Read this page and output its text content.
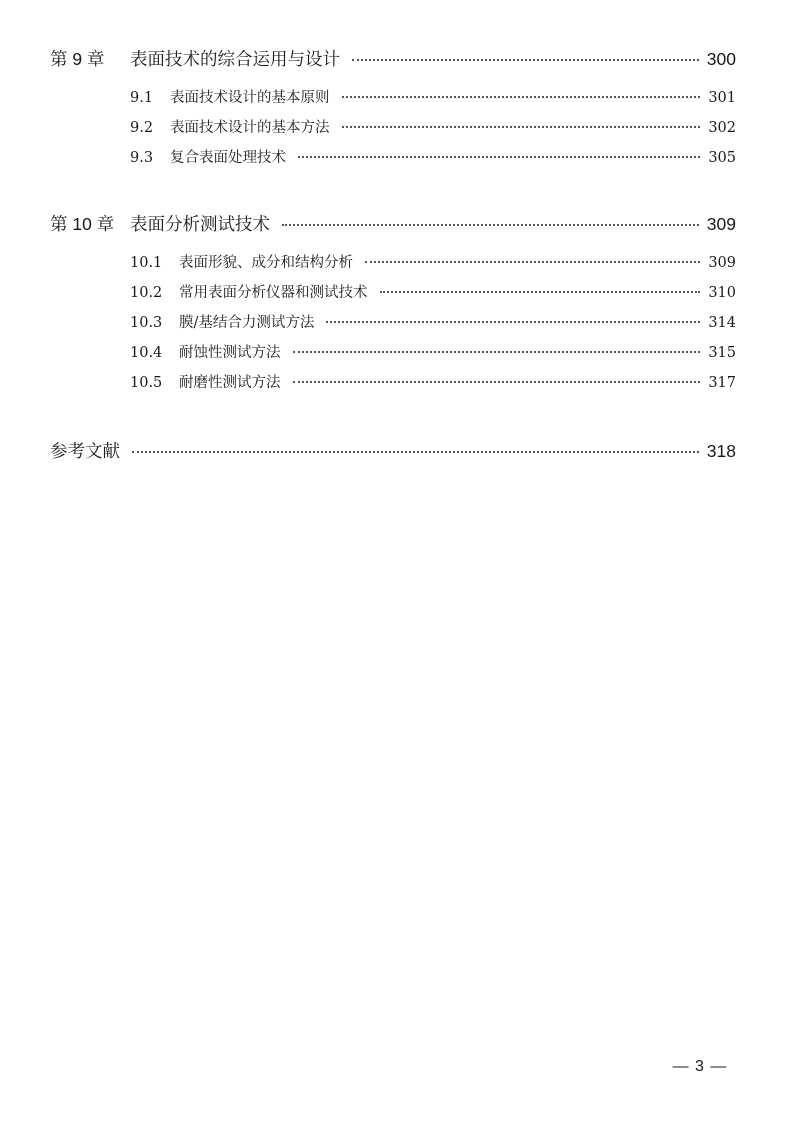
第 9 章	表面技术的综合运用与设计	300
9.1	表面技术设计的基本原则	301
9.2	表面技术设计的基本方法	302
9.3	复合表面处理技术	305
第 10 章 表面分析测试技术	309
10.1	表面形貌、成分和结构分析	309
10.2	常用表面分析仪器和测试技术	310
10.3	膜/基结合力测试方法	314
10.4	耐蚀性测试方法	315
10.5	耐磨性测试方法	317
参考文献	318
— 3 —
